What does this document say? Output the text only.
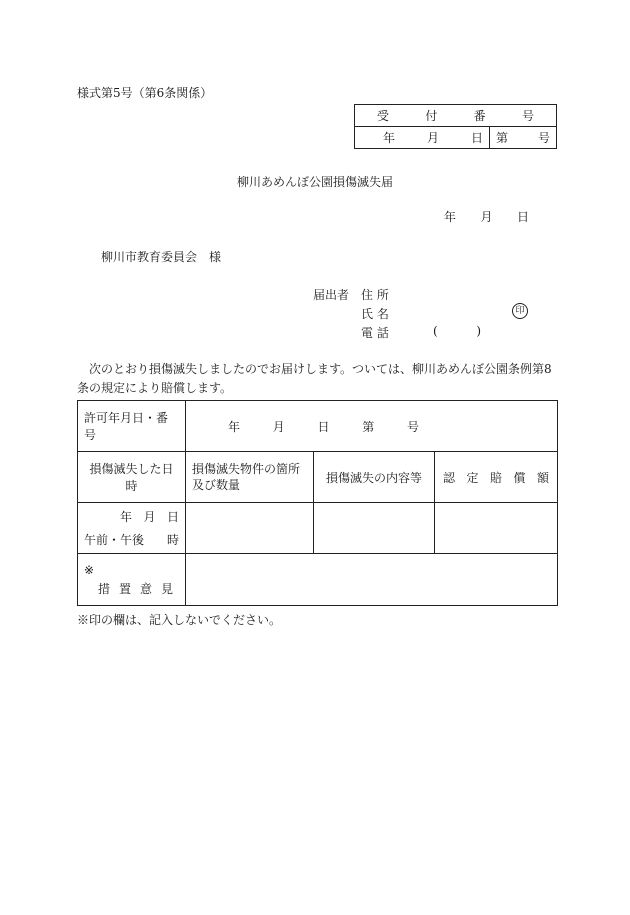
様式第5号（第6条関係）
受	付	番	号

年	月	日	第 号
柳川あめんぼ公園損傷滅失届
年 月 日
柳川市教育委員会　様
届出者 住 所
氏 名	印
電 話	(	)
次のとおり損傷滅失しましたのでお届けします。ついては、柳川あめんぼ公園条例第8条の規定により賠償します。
許可年月日・番号	年 月 日 第 号		

損傷滅失した日時	損傷滅失物件の箇所及び数量	損傷滅失の内容等	認 定 賠 償 額

年 月 日
午前・午後 時			

※
措 置 意 見			

※印の欄は、記入しないでください。
